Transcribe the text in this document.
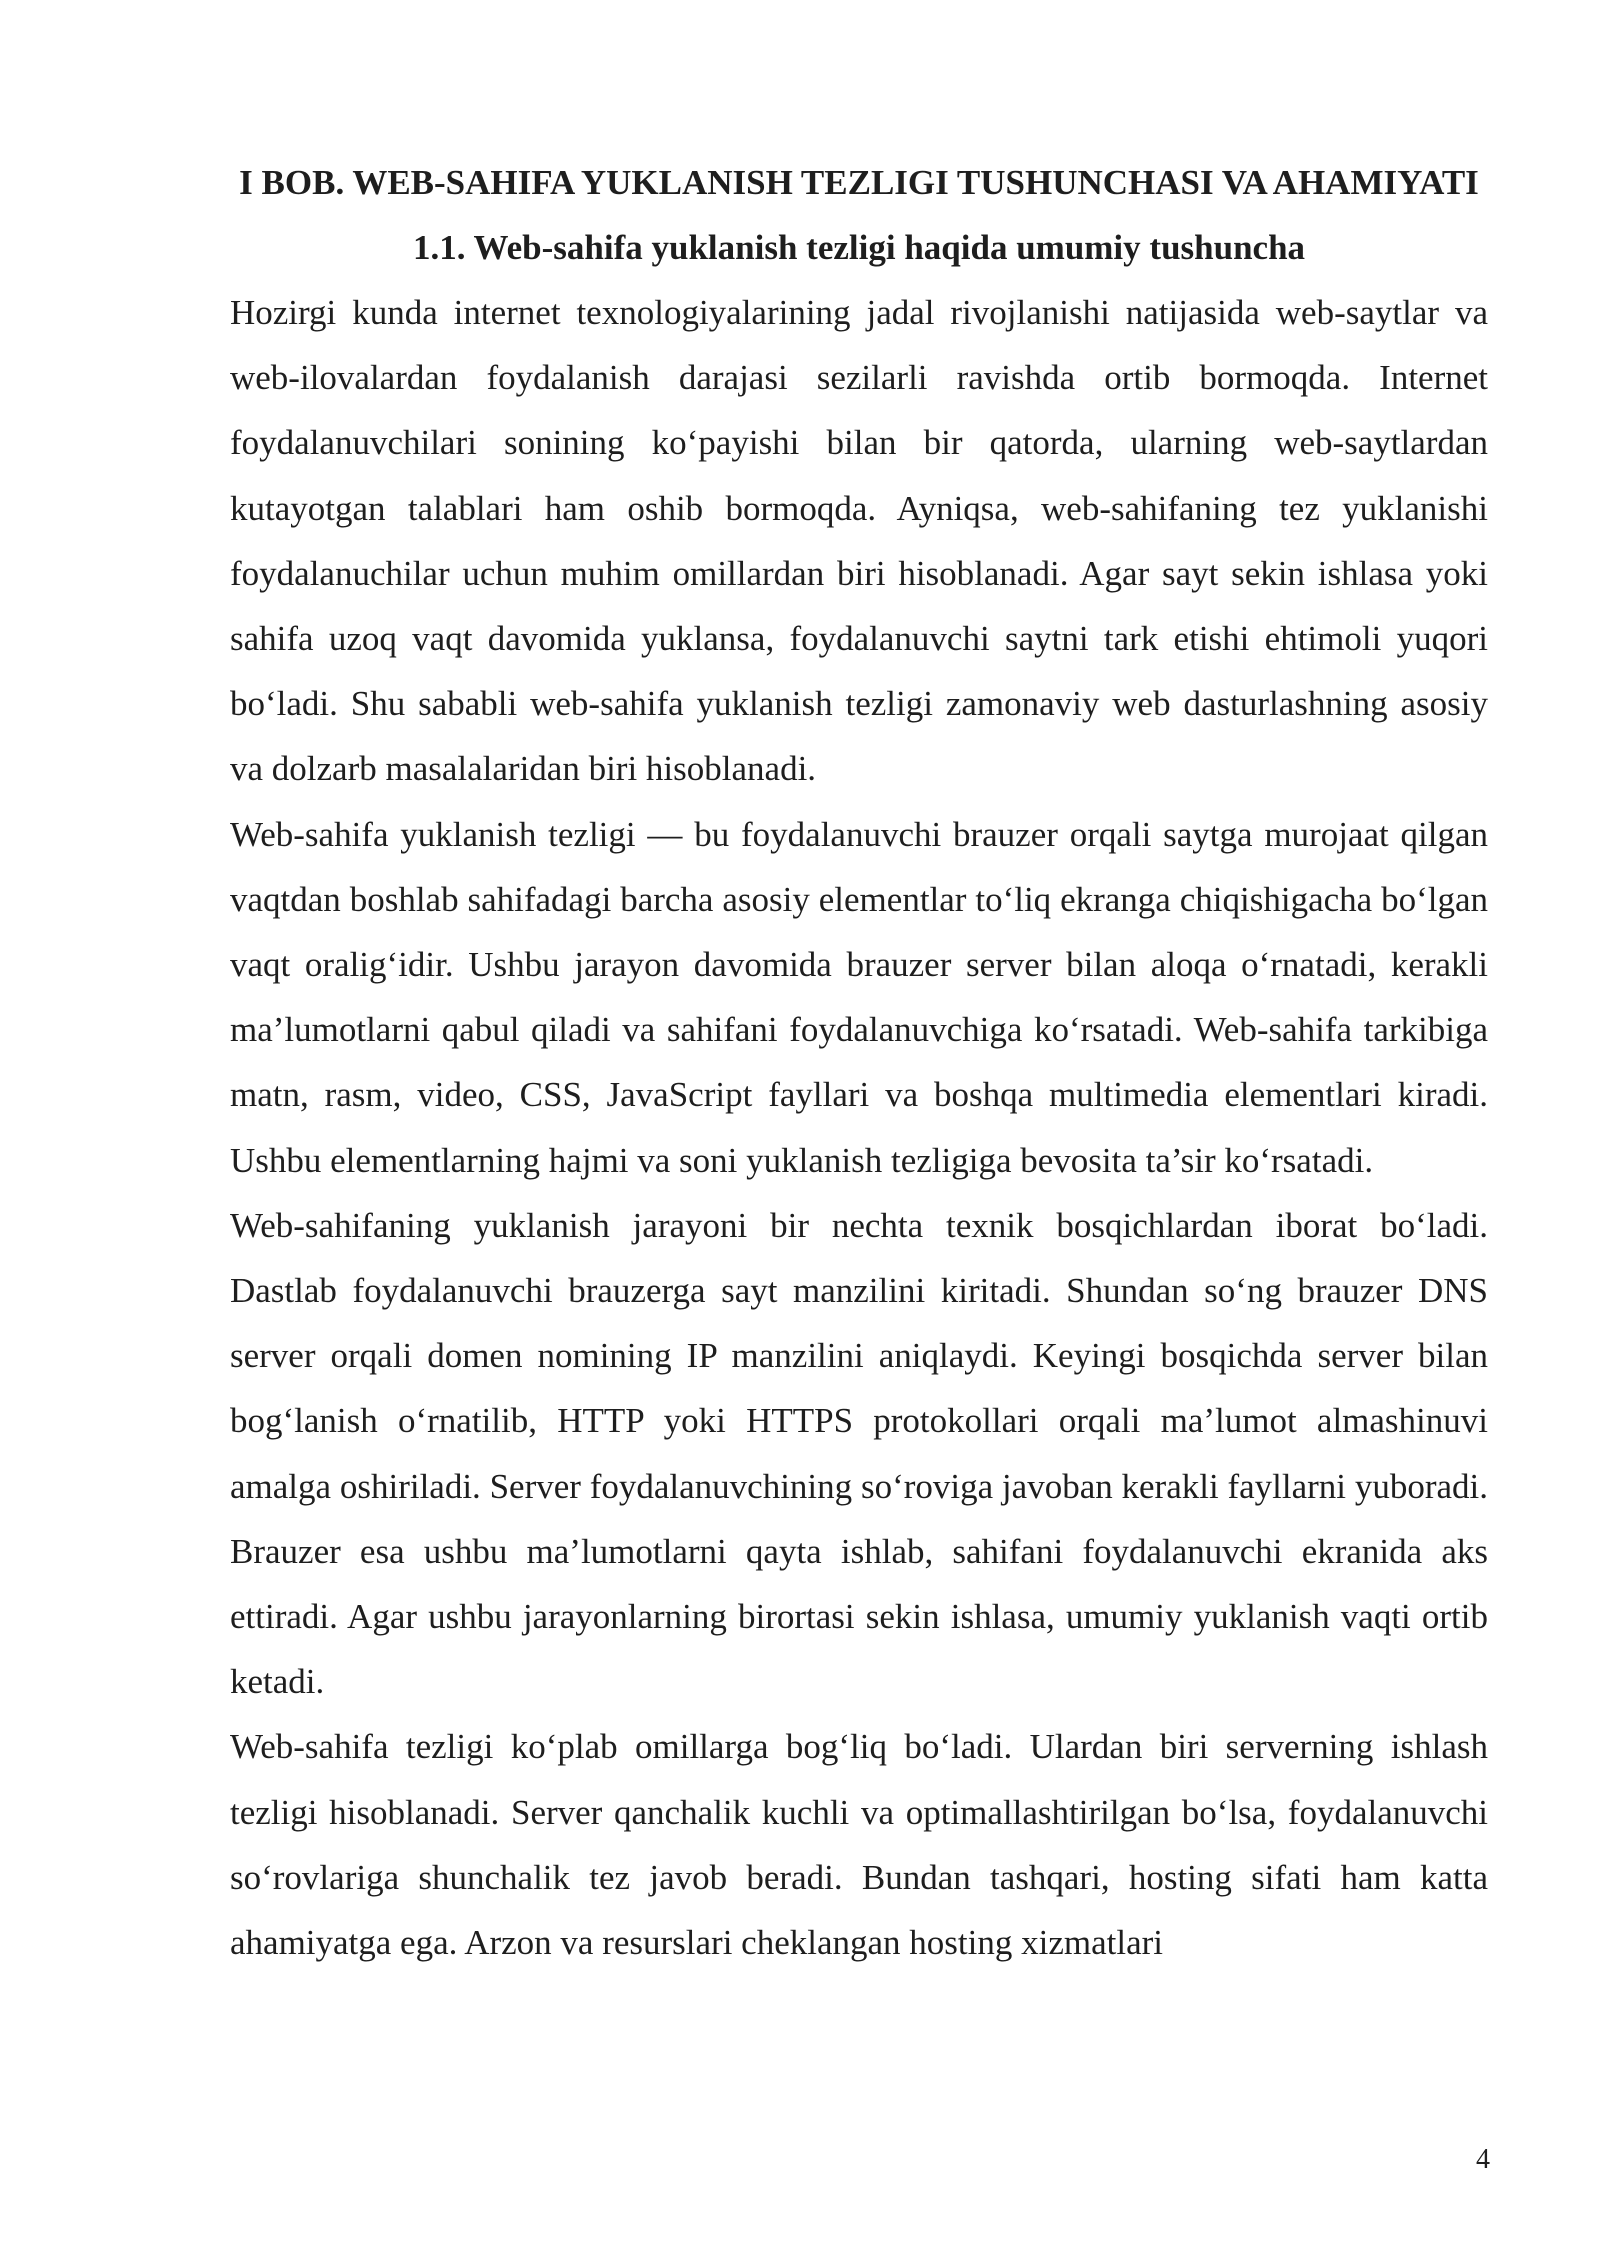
I BOB. WEB-SAHIFA YUKLANISH TEZLIGI TUSHUNCHASI VA AHAMIYATI
1.1. Web-sahifa yuklanish tezligi haqida umumiy tushuncha

Hozirgi kunda internet texnologiyalarining jadal rivojlanishi natijasida web-saytlar va web-ilovalardan foydalanish darajasi sezilarli ravishda ortib bormoqda. Internet foydalanuvchilari sonining ko‘payishi bilan bir qatorda, ularning web-saytlardan kutayotgan talablari ham oshib bormoqda. Ayniqsa, web-sahifaning tez yuklanishi foydalanuchilar uchun muhim omillardan biri hisoblanadi. Agar sayt sekin ishlasa yoki sahifa uzoq vaqt davomida yuklansa, foydalanuvchi saytni tark etishi ehtimoli yuqori bo‘ladi. Shu sababli web-sahifa yuklanish tezligi zamonaviy web dasturlashning asosiy va dolzarb masalalaridan biri hisoblanadi.

Web-sahifa yuklanish tezligi — bu foydalanuvchi brauzer orqali saytga murojaat qilgan vaqtdan boshlab sahifadagi barcha asosiy elementlar to‘liq ekranga chiqishigacha bo‘lgan vaqt oralig‘idir. Ushbu jarayon davomida brauzer server bilan aloqa o‘rnatadi, kerakli ma’lumotlarni qabul qiladi va sahifani foydalanuvchiga ko‘rsatadi. Web-sahifa tarkibiga matn, rasm, video, CSS, JavaScript fayllari va boshqa multimedia elementlari kiradi. Ushbu elementlarning hajmi va soni yuklanish tezligiga bevosita ta’sir ko‘rsatadi.

Web-sahifaning yuklanish jarayoni bir nechta texnik bosqichlardan iborat bo‘ladi. Dastlab foydalanuvchi brauzerga sayt manzilini kiritadi. Shundan so‘ng brauzer DNS server orqali domen nomining IP manzilini aniqlaydi. Keyingi bosqichda server bilan bog‘lanish o‘rnatilib, HTTP yoki HTTPS protokollari orqali ma’lumot almashinuvi amalga oshiriladi. Server foydalanuvchining so‘roviga javoban kerakli fayllarni yuboradi. Brauzer esa ushbu ma’lumotlarni qayta ishlab, sahifani foydalanuvchi ekranida aks ettiradi. Agar ushbu jarayonlarning birortasi sekin ishlasa, umumiy yuklanish vaqti ortib ketadi.

Web-sahifa tezligi ko‘plab omillarga bog‘liq bo‘ladi. Ulardan biri serverning ishlash tezligi hisoblanadi. Server qanchalik kuchli va optimallashtirilgan bo‘lsa, foydalanuvchi so‘rovlariga shunchalik tez javob beradi. Bundan tashqari, hosting sifati ham katta ahamiyatga ega. Arzon va resurslari cheklangan hosting xizmatlari

4
